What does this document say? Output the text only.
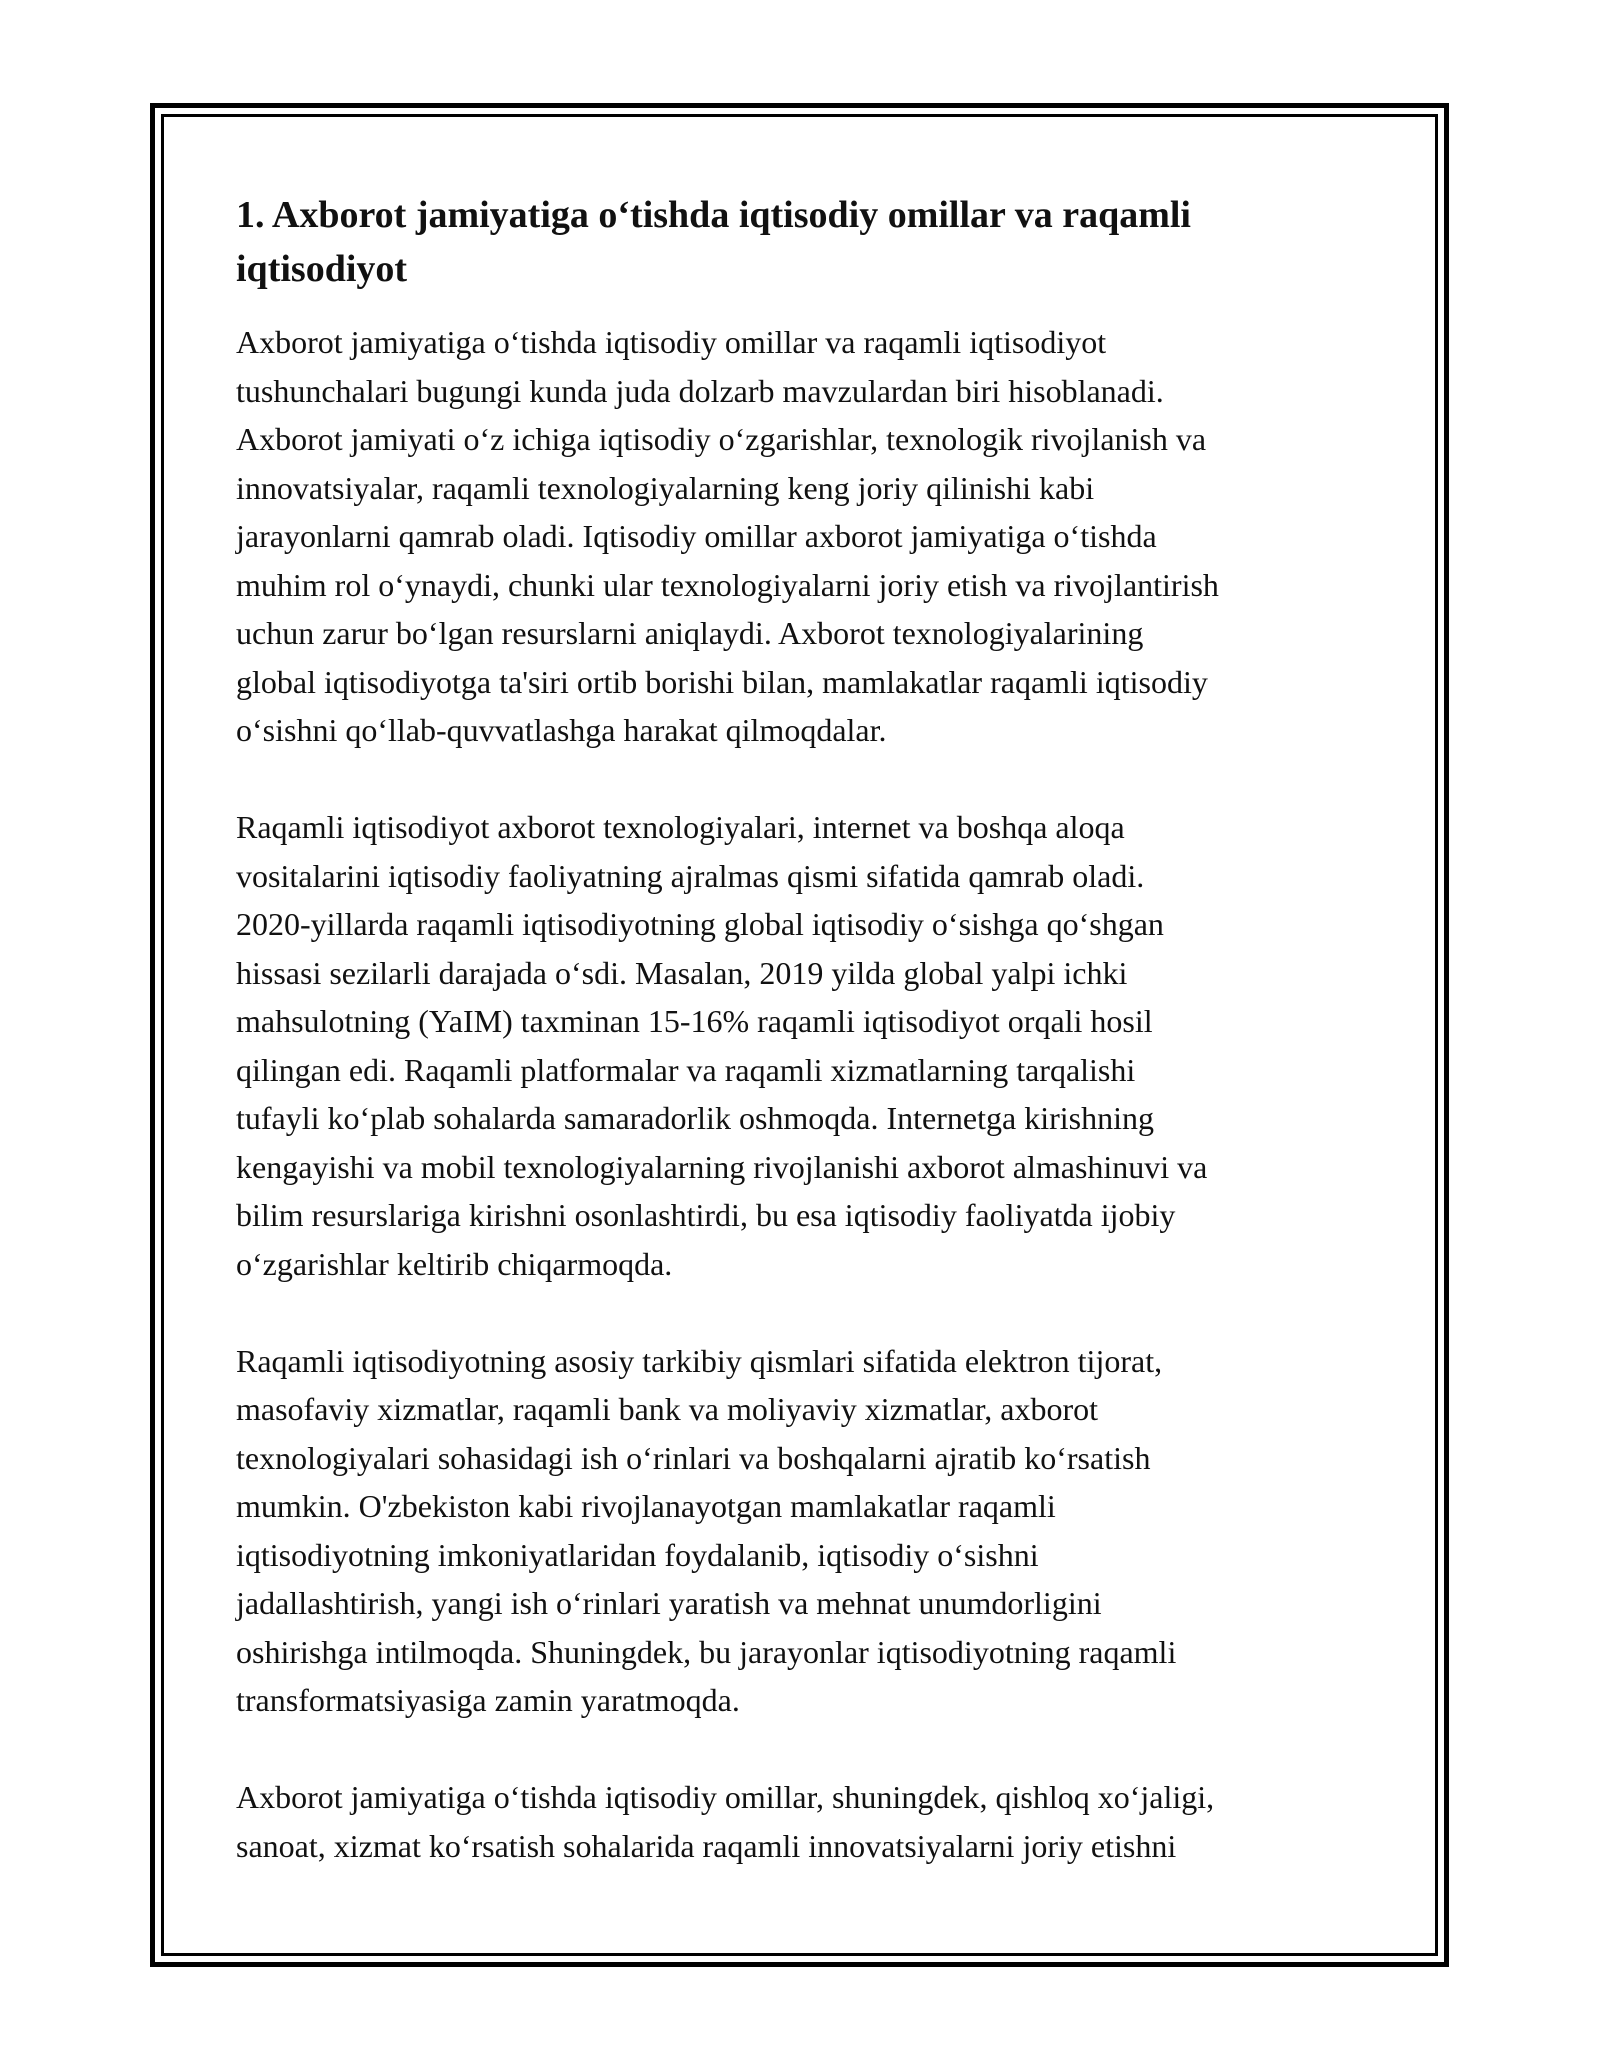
1. Axborot jamiyatiga o‘tishda iqtisodiy omillar va raqamli
iqtisodiyot

Axborot jamiyatiga o‘tishda iqtisodiy omillar va raqamli iqtisodiyot
tushunchalari bugungi kunda juda dolzarb mavzulardan biri hisoblanadi.
Axborot jamiyati o‘z ichiga iqtisodiy o‘zgarishlar, texnologik rivojlanish va
innovatsiyalar, raqamli texnologiyalarning keng joriy qilinishi kabi
jarayonlarni qamrab oladi. Iqtisodiy omillar axborot jamiyatiga o‘tishda
muhim rol o‘ynaydi, chunki ular texnologiyalarni joriy etish va rivojlantirish
uchun zarur bo‘lgan resurslarni aniqlaydi. Axborot texnologiyalarining
global iqtisodiyotga ta'siri ortib borishi bilan, mamlakatlar raqamli iqtisodiy
o‘sishni qo‘llab-quvvatlashga harakat qilmoqdalar.

Raqamli iqtisodiyot axborot texnologiyalari, internet va boshqa aloqa
vositalarini iqtisodiy faoliyatning ajralmas qismi sifatida qamrab oladi.
2020-yillarda raqamli iqtisodiyotning global iqtisodiy o‘sishga qo‘shgan
hissasi sezilarli darajada o‘sdi. Masalan, 2019 yilda global yalpi ichki
mahsulotning (YaIM) taxminan 15-16% raqamli iqtisodiyot orqali hosil
qilingan edi. Raqamli platformalar va raqamli xizmatlarning tarqalishi
tufayli ko‘plab sohalarda samaradorlik oshmoqda. Internetga kirishning
kengayishi va mobil texnologiyalarning rivojlanishi axborot almashinuvi va
bilim resurslariga kirishni osonlashtirdi, bu esa iqtisodiy faoliyatda ijobiy
o‘zgarishlar keltirib chiqarmoqda.

Raqamli iqtisodiyotning asosiy tarkibiy qismlari sifatida elektron tijorat,
masofaviy xizmatlar, raqamli bank va moliyaviy xizmatlar, axborot
texnologiyalari sohasidagi ish o‘rinlari va boshqalarni ajratib ko‘rsatish
mumkin. O'zbekiston kabi rivojlanayotgan mamlakatlar raqamli
iqtisodiyotning imkoniyatlaridan foydalanib, iqtisodiy o‘sishni
jadallashtirish, yangi ish o‘rinlari yaratish va mehnat unumdorligini
oshirishga intilmoqda. Shuningdek, bu jarayonlar iqtisodiyotning raqamli
transformatsiyasiga zamin yaratmoqda.

Axborot jamiyatiga o‘tishda iqtisodiy omillar, shuningdek, qishloq xo‘jaligi,
sanoat, xizmat ko‘rsatish sohalarida raqamli innovatsiyalarni joriy etishni
